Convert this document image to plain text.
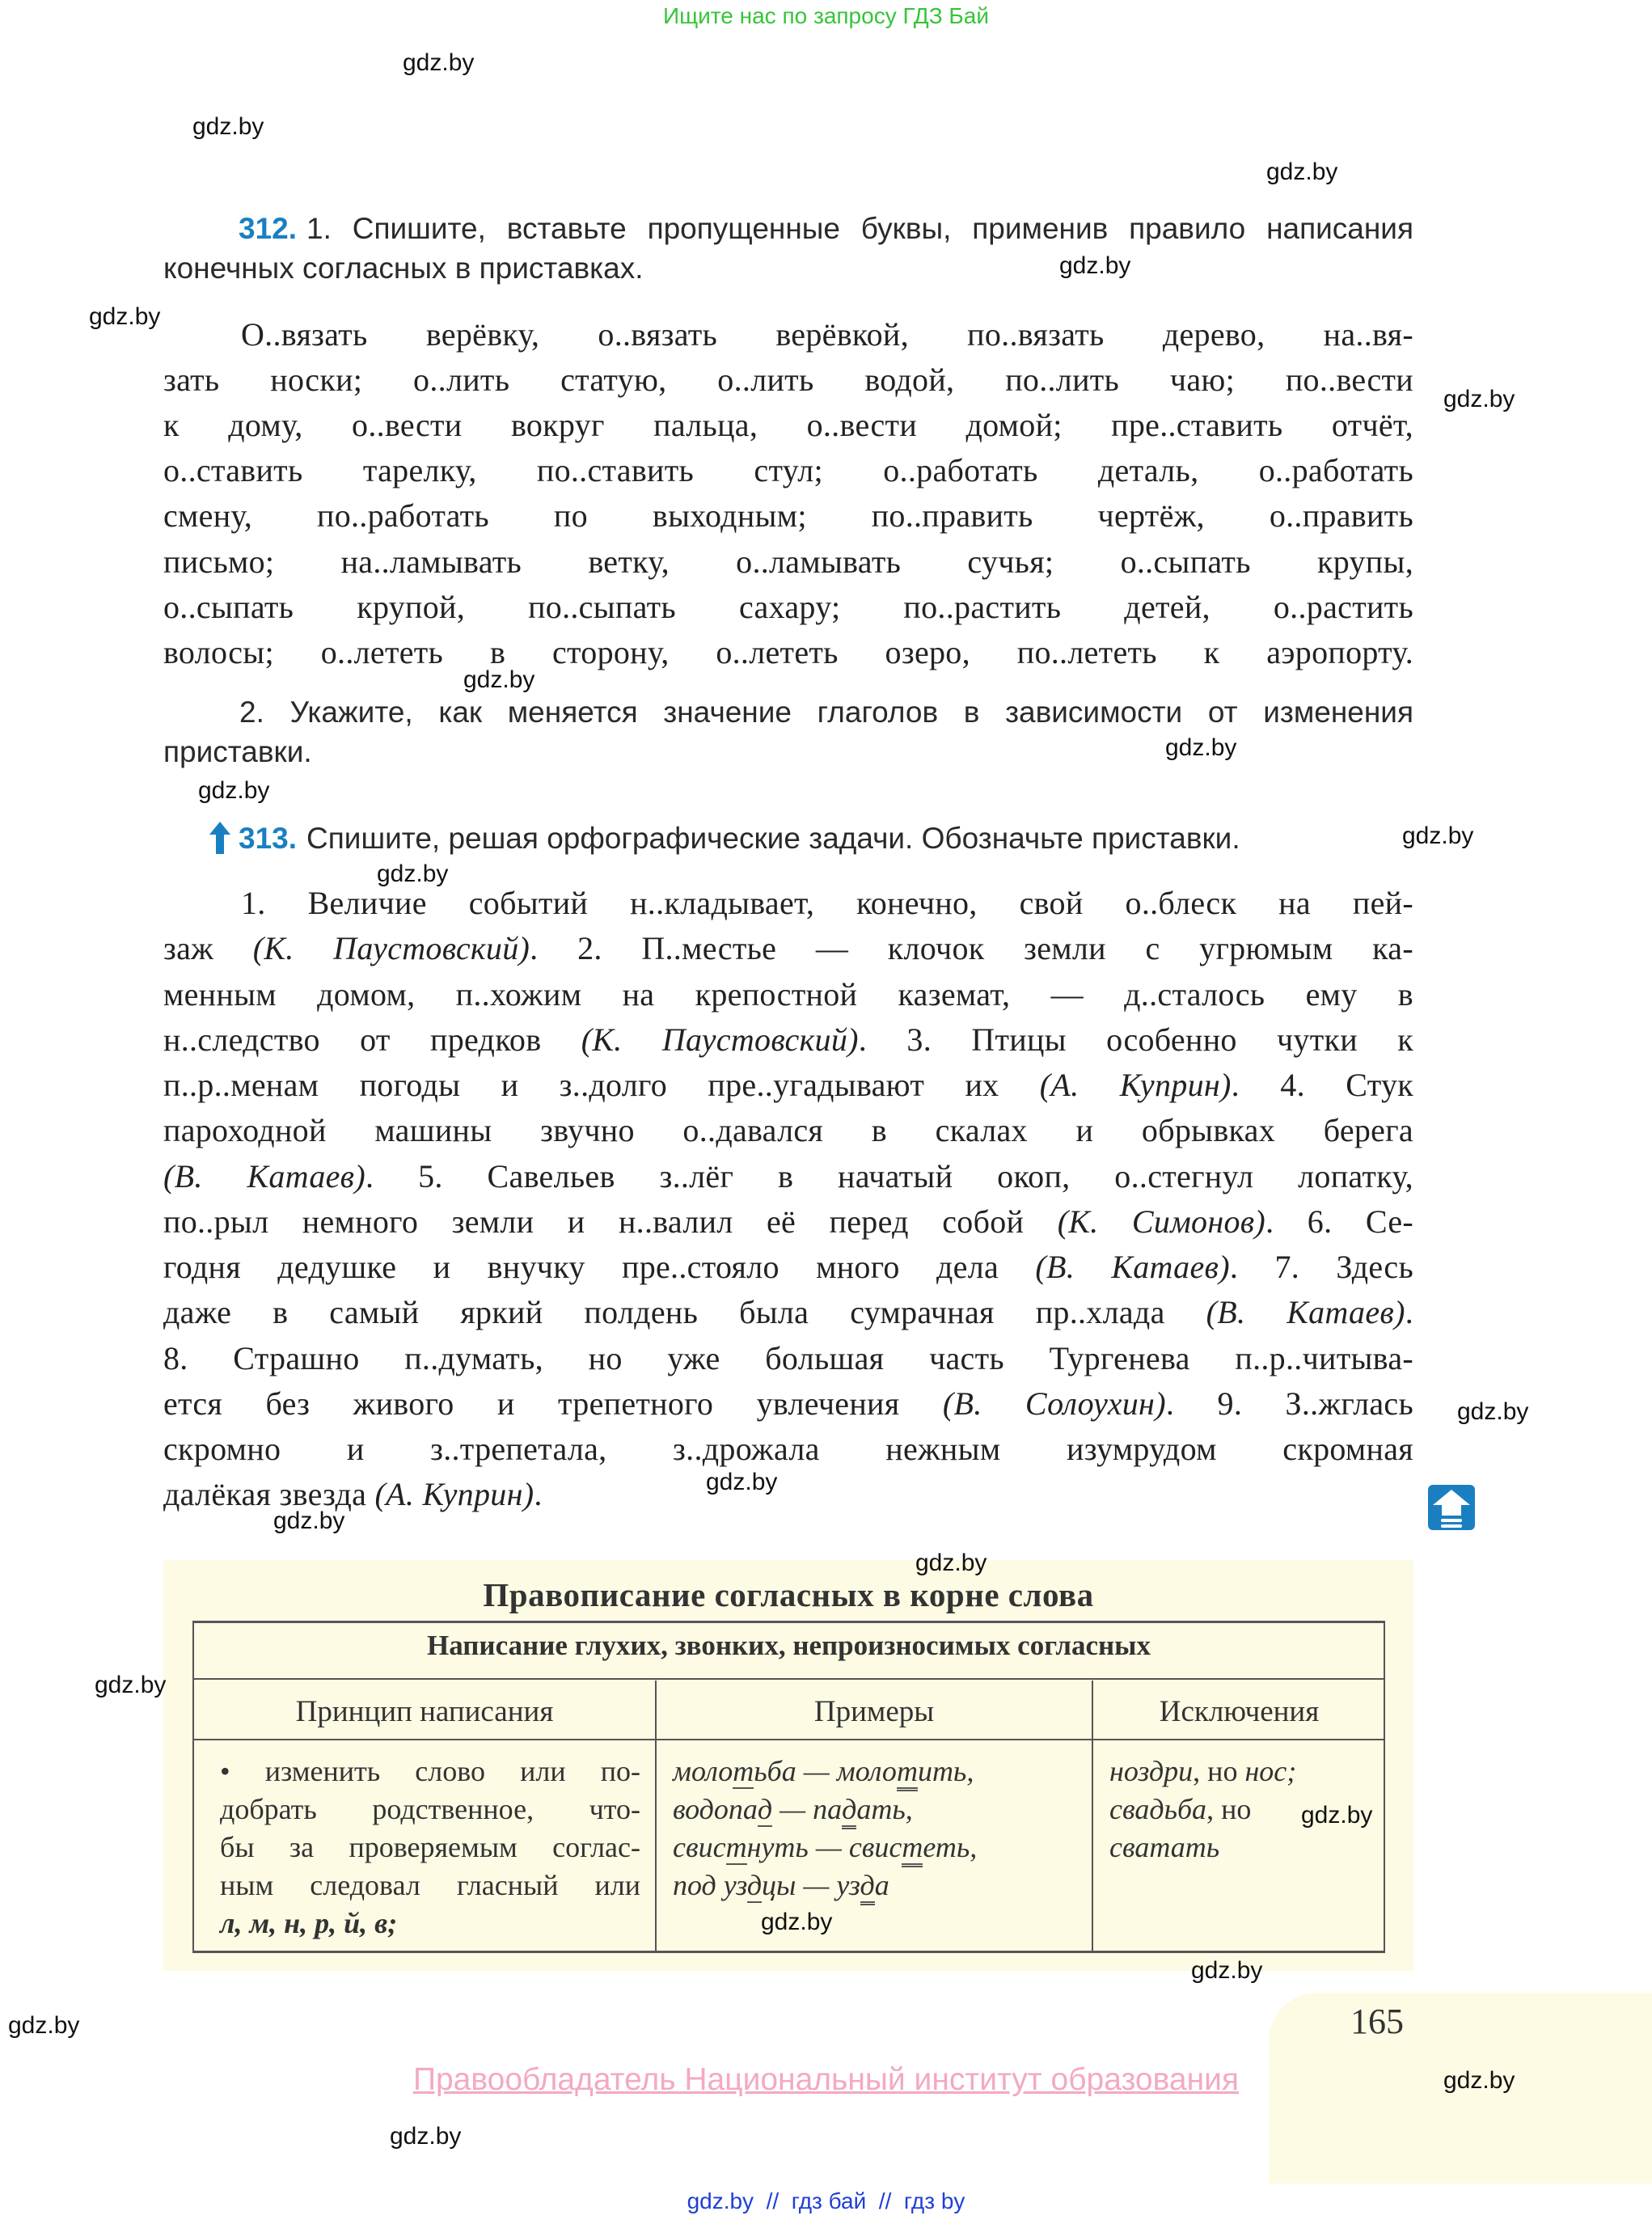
Ищите нас по запросу ГДЗ Бай
312. 1. Спишите, вставьте пропущенные буквы, применив правило написания
конечных согласных в приставках.
О..вязать верёвку, о..вязать верёвкой, по..вязать дерево, на..вя-
зать носки; о..лить статую, о..лить водой, по..лить чаю; по..вести
к дому, о..вести вокруг пальца, о..вести домой; пре..ставить отчёт,
о..ставить тарелку, по..ставить стул; о..работать деталь, о..работать
смену, по..работать по выходным; по..править чертёж, о..править
письмо; на..ламывать ветку, о..ламывать сучья; о..сыпать крупы,
о..сыпать крупой, по..сыпать сахару; по..растить детей, о..растить
волосы; о..лететь в сторону, о..лететь озеро, по..лететь к аэропорту.
2. Укажите, как меняется значение глаголов в зависимости от изменения
приставки.
313. Спишите, решая орфографические задачи. Обозначьте приставки.
1. Величие событий н..кладывает, конечно, свой о..блеск на пей-
заж (К. Паустовский). 2. П..местье — клочок земли с угрюмым ка-
менным домом, п..хожим на крепостной каземат, — д..сталось ему в
н..следство от предков (К. Паустовский). 3. Птицы особенно чутки к
п..р..менам погоды и з..долго пре..угадывают их (А. Куприн). 4. Стук
пароходной машины звучно о..давался в скалах и обрывках берега
(В. Катаев). 5. Савельев з..лёг в начатый окоп, о..стегнул лопатку,
по..рыл немного земли и н..валил её перед собой (К. Симонов). 6. Се-
годня дедушке и внучку пре..стояло много дела (В. Катаев). 7. Здесь
даже в самый яркий полдень была сумрачная пр..хлада (В. Катаев).
8. Страшно п..думать, но уже большая часть Тургенева п..р..читыва-
ется без живого и трепетного увлечения (В. Солоухин). 9. З..жглась
скромно и з..трепетала, з..дрожала нежным изумрудом скромная
далёкая звезда (А. Куприн).
Правописание согласных в корне слова
Написание глухих, звонких, непроизносимых согласных
Принцип написания	Примеры	Исключения
• изменить слово или по-
добрать родственное, что-
бы за проверяемым соглас-
ным следовал гласный или
л, м, н, р, й, в;
молотьба — молотить,
водопад — падать,
свистнуть — свистеть,
под уздцы — узда
ноздри, но нос;
свадьба, но
сватать
165
Правообладатель Национальный институт образования
gdz.by  //  гдз бай  //  гдз by
gdz.by
gdz.by
gdz.by
gdz.by
gdz.by
gdz.by
gdz.by
gdz.by
gdz.by
gdz.by
gdz.by
gdz.by
gdz.by
gdz.by
gdz.by
gdz.by
gdz.by
gdz.by
gdz.by
gdz.by
gdz.by
gdz.by
